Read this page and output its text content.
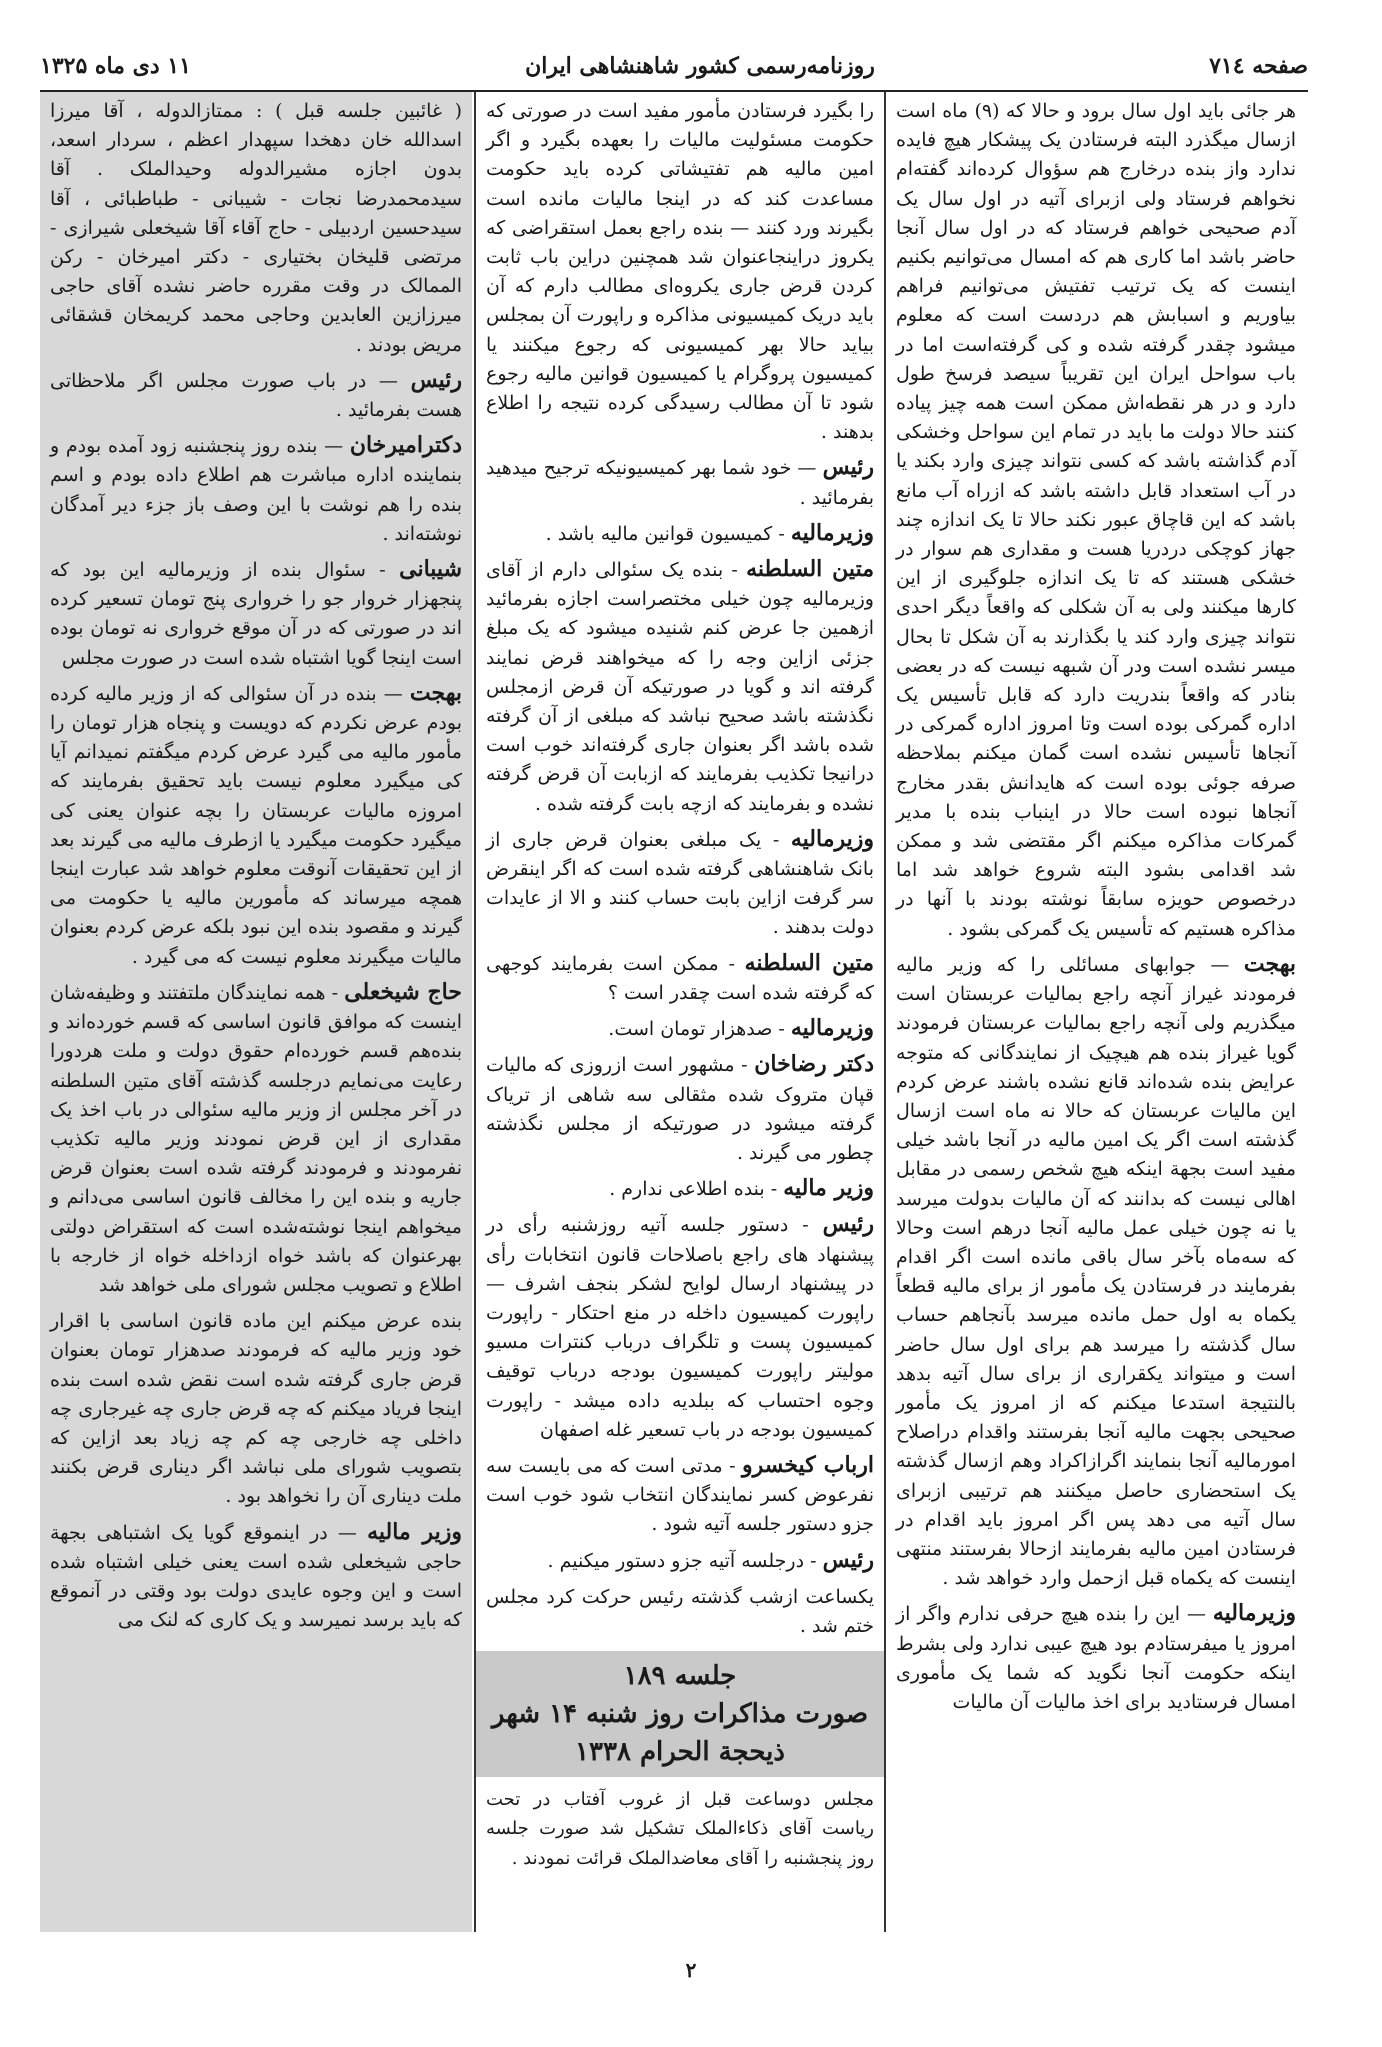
صفحه ٧١٤
روزنامه‌رسمی کشور شاهنشاهی ایران
۱۱ دی ماه ۱۳۲۵

هر جائی باید اول سال برود و حالا که (۹) ماه است ازسال میگذرد البته فرستادن یک پیشکار هیچ فایده ندارد واز بنده درخارج هم سؤوال کرده‌اند گفته‌ام نخواهم فرستاد ولی ازبرای آتیه در اول سال یک آدم صحیحی خواهم فرستاد که در اول سال آنجا حاضر باشد اما کاری هم که امسال می‌توانیم بکنیم اینست که یک ترتیب تفتیش می‌توانیم فراهم بیاوریم و اسبابش هم دردست است که معلوم میشود چقدر گرفته شده و کی گرفته‌است اما در باب سواحل ایران این تقریباً سیصد فرسخ طول دارد و در هر نقطه‌اش ممکن است همه چیز پیاده کنند حالا دولت ما باید در تمام این سواحل وخشکی آدم گذاشته باشد که کسی نتواند چیزی وارد بکند یا در آب استعداد قابل داشته باشد که ازراه آب مانع باشد که این قاچاق عبور نکند حالا تا یک اندازه چند جهاز کوچکی دردریا هست و مقداری هم سوار در خشکی هستند که تا یک اندازه جلوگیری از این کارها میکنند ولی به آن شکلی که واقعاً دیگر احدی نتواند چیزی وارد کند یا بگذارند به آن شکل تا بحال میسر نشده است ودر آن شبهه نیست که در بعضی بنادر که واقعاً بندریت دارد که قابل تأسیس یک اداره گمرکی بوده است وتا امروز اداره گمرکی در آنجاها تأسیس نشده است گمان میکنم بملاحظه صرفه جوئی بوده است که هایدانش بقدر مخارج آنجاها نبوده است حالا در اینباب بنده با مدیر گمرکات مذاکره میکنم اگر مقتضی شد و ممکن شد اقدامی بشود البته شروع خواهد شد اما درخصوص حویزه سابقاً نوشته بودند با آنها در مذاکره هستیم که تأسیس یک گمرکی بشود .

بهجت — جوابهای مسائلی را که وزیر مالیه فرمودند غیراز آنچه راجع بمالیات عربستان است میگذریم ولی آنچه راجع بمالیات عربستان فرمودند گویا غیراز بنده هم هیچیک از نمایندگانی که متوجه عرایض بنده شده‌اند قانع نشده باشند عرض کردم این مالیات عربستان که حالا نه ماه است ازسال گذشته است اگر یک امین مالیه در آنجا باشد خیلی مفید است بجهة اینکه هیچ شخص رسمی در مقابل اهالی نیست که بدانند که آن مالیات بدولت میرسد یا نه چون خیلی عمل مالیه آنجا درهم است وحالا که سه‌ماه بآخر سال باقی مانده است اگر اقدام بفرمایند در فرستادن یک مأمور از برای مالیه قطعاً یکماه به اول حمل مانده میرسد بآنجاهم حساب سال گذشته را میرسد هم برای اول سال حاضر است و میتواند یکقراری از برای سال آتیه بدهد بالنتیجة استدعا میکنم که از امروز یک مأمور صحیحی بجهت مالیه آنجا بفرستند واقدام دراصلاح امورمالیه آنجا بنمایند اگرازاکراد وهم ازسال گذشته یک استحضاری حاصل میکنند هم ترتیبی ازبرای سال آتیه می دهد پس اگر امروز باید اقدام در فرستادن امین مالیه بفرمایند ازحالا بفرستند منتهی اینست که یکماه قبل ازحمل وارد خواهد شد .

وزیرمالیه — این را بنده هیچ حرفی ندارم واگر از امروز یا میفرستادم بود هیچ عیبی ندارد ولی بشرط اینکه حکومت آنجا نگوید که شما یک مأموری امسال فرستادید برای اخذ مالیات آن مالیات

را بگیرد فرستادن مأمور مفید است در صورتی که حکومت مسئولیت مالیات را بعهده بگیرد و اگر امین مالیه هم تفتیشاتی کرده باید حکومت مساعدت کند که در اینجا مالیات مانده است بگیرند ورد کنند — بنده راجع بعمل استقراضی که یکروز دراینجاعنوان شد همچنین دراین باب ثابت کردن قرض جاری یکرو‌ه‌ای مطالب دارم که آن باید دریک کمیسیونی مذاکره و راپورت آن بمجلس بیاید حالا بهر کمیسیونی که رجوع میکنند یا کمیسیون پروگرام یا کمیسیون قوانین مالیه رجوع شود تا آن مطالب رسیدگی کرده نتیجه را اطلاع بدهند .

رئیس — خود شما بهر کمیسیونیکه ترجیح میدهید بفرمائید .

وزیرمالیه - کمیسیون قوانین مالیه باشد .

متین السلطنه - بنده یک سئوالی دارم از آقای وزیرمالیه چون خیلی مختصراست اجازه بفرمائید ازهمین جا عرض کنم شنیده میشود که یک مبلغ جزئی ازاین وجه را که میخواهند قرض نمایند گرفته اند و گویا در صورتیکه آن قرض ازمجلس نگذشته باشد صحیح نباشد که مبلغی از آن گرفته شده باشد اگر بعنوان جاری گرفته‌اند خوب است درانیجا تکذیب بفرمایند که ازبابت آن قرض گرفته نشده و بفرمایند که ازچه بابت گرفته شده .

وزیرمالیه - یک مبلغی بعنوان قرض جاری از بانک شاهنشاهی گرفته شده است که اگر اینقرض سر گرفت ازاین بابت حساب کنند و الا از عایدات دولت بدهند .

متین السلطنه - ممکن است بفرمایند کوجهی که گرفته شده است چقدر است ؟

وزیرمالیه - صدهزار تومان است.

دکتر رضاخان - مشهور است ازروزی که مالیات قپان متروک شده مثقالی سه شاهی از تریاک گرفته میشود در صورتیکه از مجلس نگذشته چطور می گیرند .

وزیر مالیه - بنده اطلاعی ندارم .

رئیس - دستور جلسه آتیه روزشنبه رأی در پیشنهاد های راجع باصلاحات قانون انتخابات رأی در پیشنهاد ارسال لوایح لشکر بنجف اشرف — راپورت کمیسیون داخله در منع احتکار - راپورت کمیسیون پست و تلگراف درباب کنترات مسیو مولیتر راپورت کمیسیون بودجه درباب توقیف وجوه احتساب که ببلدیه داده میشد - راپورت کمیسیون بودجه در باب تسعیر غله اصفهان

ارباب کیخسرو - مدتی است که می بایست سه نفرعوض کسر نمایندگان انتخاب شود خوب است جزو دستور جلسه آتیه شود .

رئیس - درجلسه آتیه جزو دستور میکنیم .

یکساعت ازشب گذشته رئیس حرکت کرد مجلس ختم شد .

جلسه ۱۸۹
صورت مذاکرات روز شنبه ۱۴ شهر
ذیحجة الحرام ۱۳۳۸

مجلس دوساعت قبل از غروب آفتاب در تحت ریاست آقای ذکاءالملک تشکیل شد صورت جلسه روز پنجشنبه را آقای معاضدالملک قرائت نمودند .

( غائبین جلسه قبل ) : ممتازالدوله ، آقا میرزا اسدالله خان دهخدا سپهدار اعظم ، سردار اسعد، بدون اجازه مشیرالدوله وحیدالملک . آقا سیدمحمدرضا نجات - شیبانی - طباطبائی ، آقا سیدحسین اردبیلی - حاج آقاء آقا شیخعلی شیرازی - مرتضی قلیخان بختیاری - دکتر امیرخان - رکن الممالک در وقت مقرره حاضر نشده آقای حاجی میرزازین العابدین وحاجی محمد کریمخان قشقائی مریض بودند .

رئیس — در باب صورت مجلس اگر ملاحظاتی هست بفرمائید .

دکترامیرخان — بنده روز پنجشنبه زود آمده بودم و بنماینده اداره مباشرت هم اطلاع داده بودم و اسم بنده را هم نوشت با این وصف باز جزء دیر آمدگان نوشته‌اند .

شیبانی - سئوال بنده از وزیرمالیه این بود که پنجهزار خروار جو را خرواری پنج تومان تسعیر کرده اند در صورتی که در آن موقع خرواری نه تومان بوده است اینجا گویا اشتباه شده است در صورت مجلس

بهجت — بنده در آن سئوالی که از وزیر مالیه کرده بودم عرض نکردم که دویست و پنجاه هزار تومان را مأمور مالیه می گیرد عرض کردم میگفتم نمیدانم آیا کی میگیرد معلوم نیست باید تحقیق بفرمایند که امروزه مالیات عربستان را بچه عنوان یعنی کی میگیرد حکومت میگیرد یا ازطرف مالیه می گیرند بعد از این تحقیقات آنوقت معلوم خواهد شد عبارت اینجا همچه میرساند که مأمورین مالیه یا حکومت می گیرند و مقصود بنده این نبود بلکه عرض کردم بعنوان مالیات میگیرند معلوم نیست که می گیرد .

حاج شیخعلی - همه نمایندگان ملتفتند و وظیفه‌شان اینست که موافق قانون اساسی که قسم خورده‌اند و بنده‌هم قسم خورده‌ام حقوق دولت و ملت هردورا رعایت می‌نمایم درجلسه گذشته آقای متین السلطنه در آخر مجلس از وزیر مالیه سئوالی در باب اخذ یک مقداری از این قرض نمودند وزیر مالیه تکذیب نفرمودند و فرمودند گرفته شده است بعنوان قرض جاریه و بنده این را مخالف قانون اساسی می‌دانم و میخواهم اینجا نوشته‌شده است که استقراض دولتی بهرعنوان که باشد خواه ازداخله خواه از خارجه با اطلاع و تصویب مجلس شورای ملی خواهد شد

بنده عرض میکنم این ماده قانون اساسی با اقرار خود وزیر مالیه که فرمودند صدهزار تومان بعنوان قرض جاری گرفته شده است نقض شده است بنده اینجا فریاد میکنم که چه قرض جاری چه غیرجاری چه داخلی چه خارجی چه کم چه زیاد بعد ازاین که بتصویب شورای ملی نباشد اگر دیناری قرض بکنند ملت دیناری آن را نخواهد بود .

وزیر مالیه — در اینموقع گویا یک اشتباهی بجهة حاجی شیخعلی شده است یعنی خیلی اشتباه شده است و این وجوه عایدی دولت بود وقتی در آنموقع که باید برسد نمیرسد و یک کاری که لنک می

۲
